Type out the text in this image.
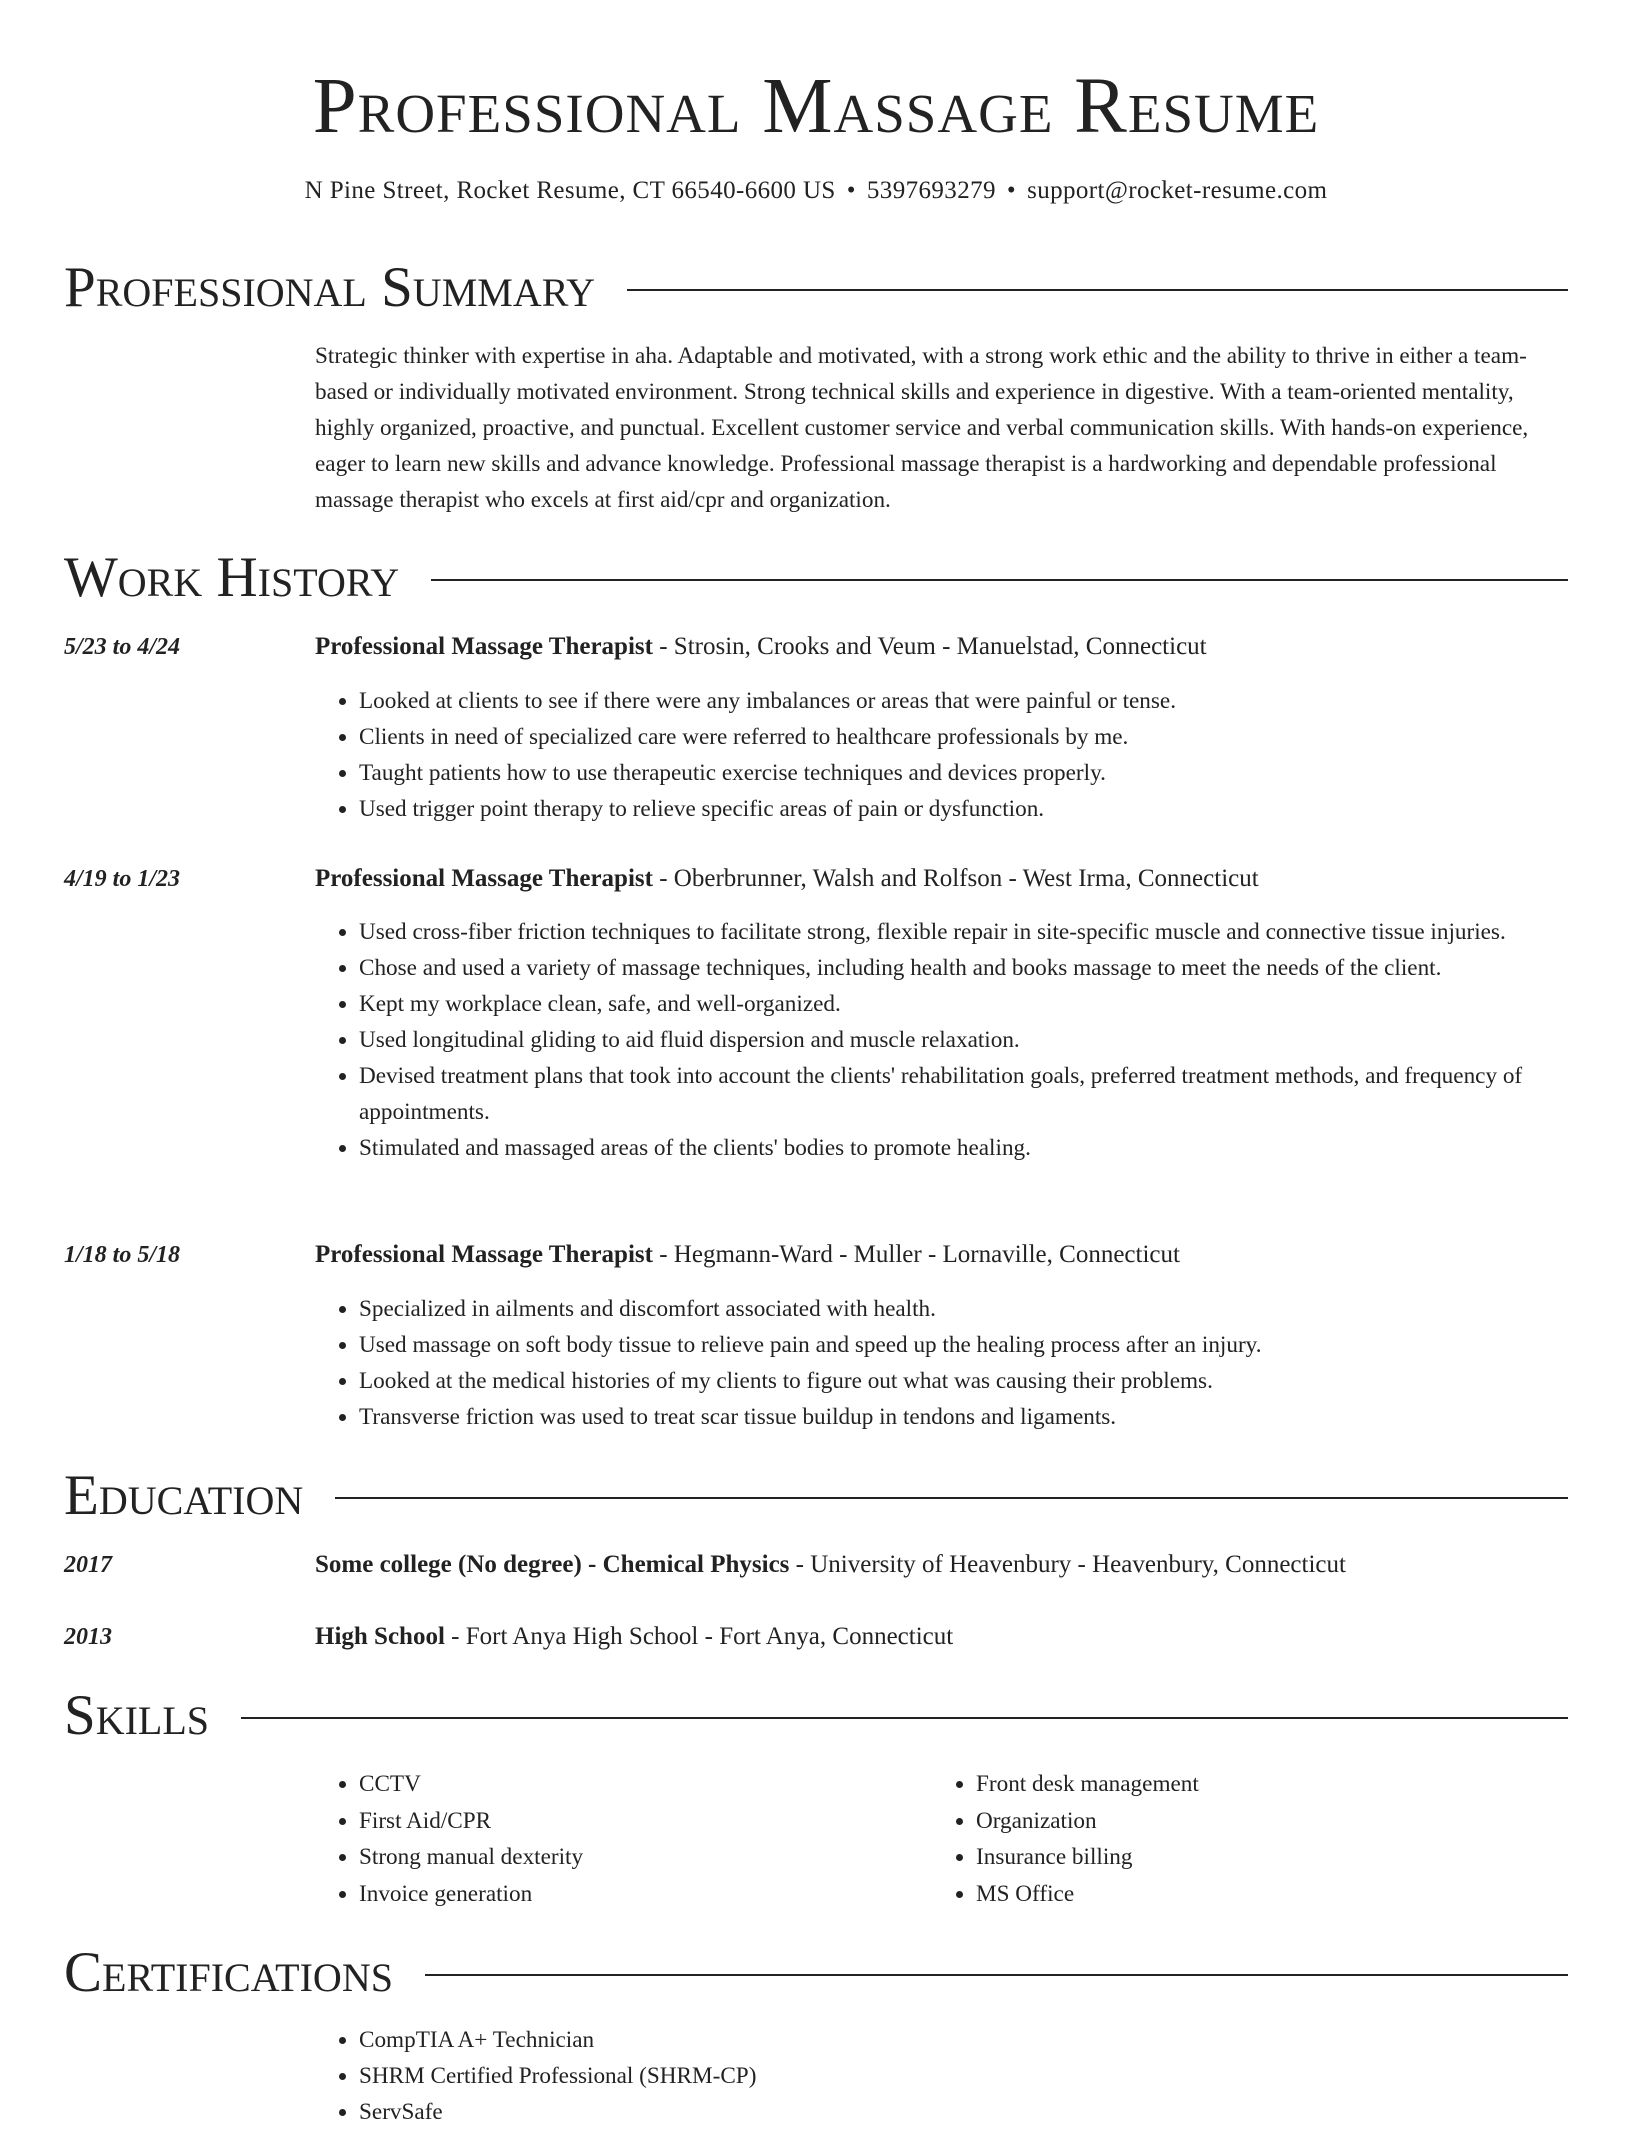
Professional Massage Resume
N Pine Street, Rocket Resume, CT 66540-6600 US • 5397693279 • support@rocket-resume.com
Professional Summary

Strategic thinker with expertise in aha. Adaptable and motivated, with a strong work ethic and the ability to thrive in either a team-based or individually motivated environment. Strong technical skills and experience in digestive. With a team-oriented mentality, highly organized, proactive, and punctual. Excellent customer service and verbal communication skills. With hands-on experience, eager to learn new skills and advance knowledge. Professional massage therapist is a hardworking and dependable professional massage therapist who excels at first aid/cpr and organization.

Work History
5/23 to 4/24	Professional Massage Therapist - Strosin, Crooks and Veum - Manuelstad, Connecticut
• Looked at clients to see if there were any imbalances or areas that were painful or tense.
• Clients in need of specialized care were referred to healthcare professionals by me.
• Taught patients how to use therapeutic exercise techniques and devices properly.
• Used trigger point therapy to relieve specific areas of pain or dysfunction.
4/19 to 1/23	Professional Massage Therapist - Oberbrunner, Walsh and Rolfson - West Irma, Connecticut
• Used cross-fiber friction techniques to facilitate strong, flexible repair in site-specific muscle and connective tissue injuries.
• Chose and used a variety of massage techniques, including health and books massage to meet the needs of the client.
• Kept my workplace clean, safe, and well-organized.
• Used longitudinal gliding to aid fluid dispersion and muscle relaxation.
• Devised treatment plans that took into account the clients' rehabilitation goals, preferred treatment methods, and frequency of appointments.
• Stimulated and massaged areas of the clients' bodies to promote healing.
1/18 to 5/18	Professional Massage Therapist - Hegmann-Ward - Muller - Lornaville, Connecticut
• Specialized in ailments and discomfort associated with health.
• Used massage on soft body tissue to relieve pain and speed up the healing process after an injury.
• Looked at the medical histories of my clients to figure out what was causing their problems.
• Transverse friction was used to treat scar tissue buildup in tendons and ligaments.
Education
2017	Some college (No degree) - Chemical Physics - University of Heavenbury - Heavenbury, Connecticut
2013	High School - Fort Anya High School - Fort Anya, Connecticut
Skills
• CCTV
• First Aid/CPR
• Strong manual dexterity
• Invoice generation
• Front desk management
• Organization
• Insurance billing
• MS Office
Certifications
• CompTIA A+ Technician
• SHRM Certified Professional (SHRM-CP)
• ServSafe
